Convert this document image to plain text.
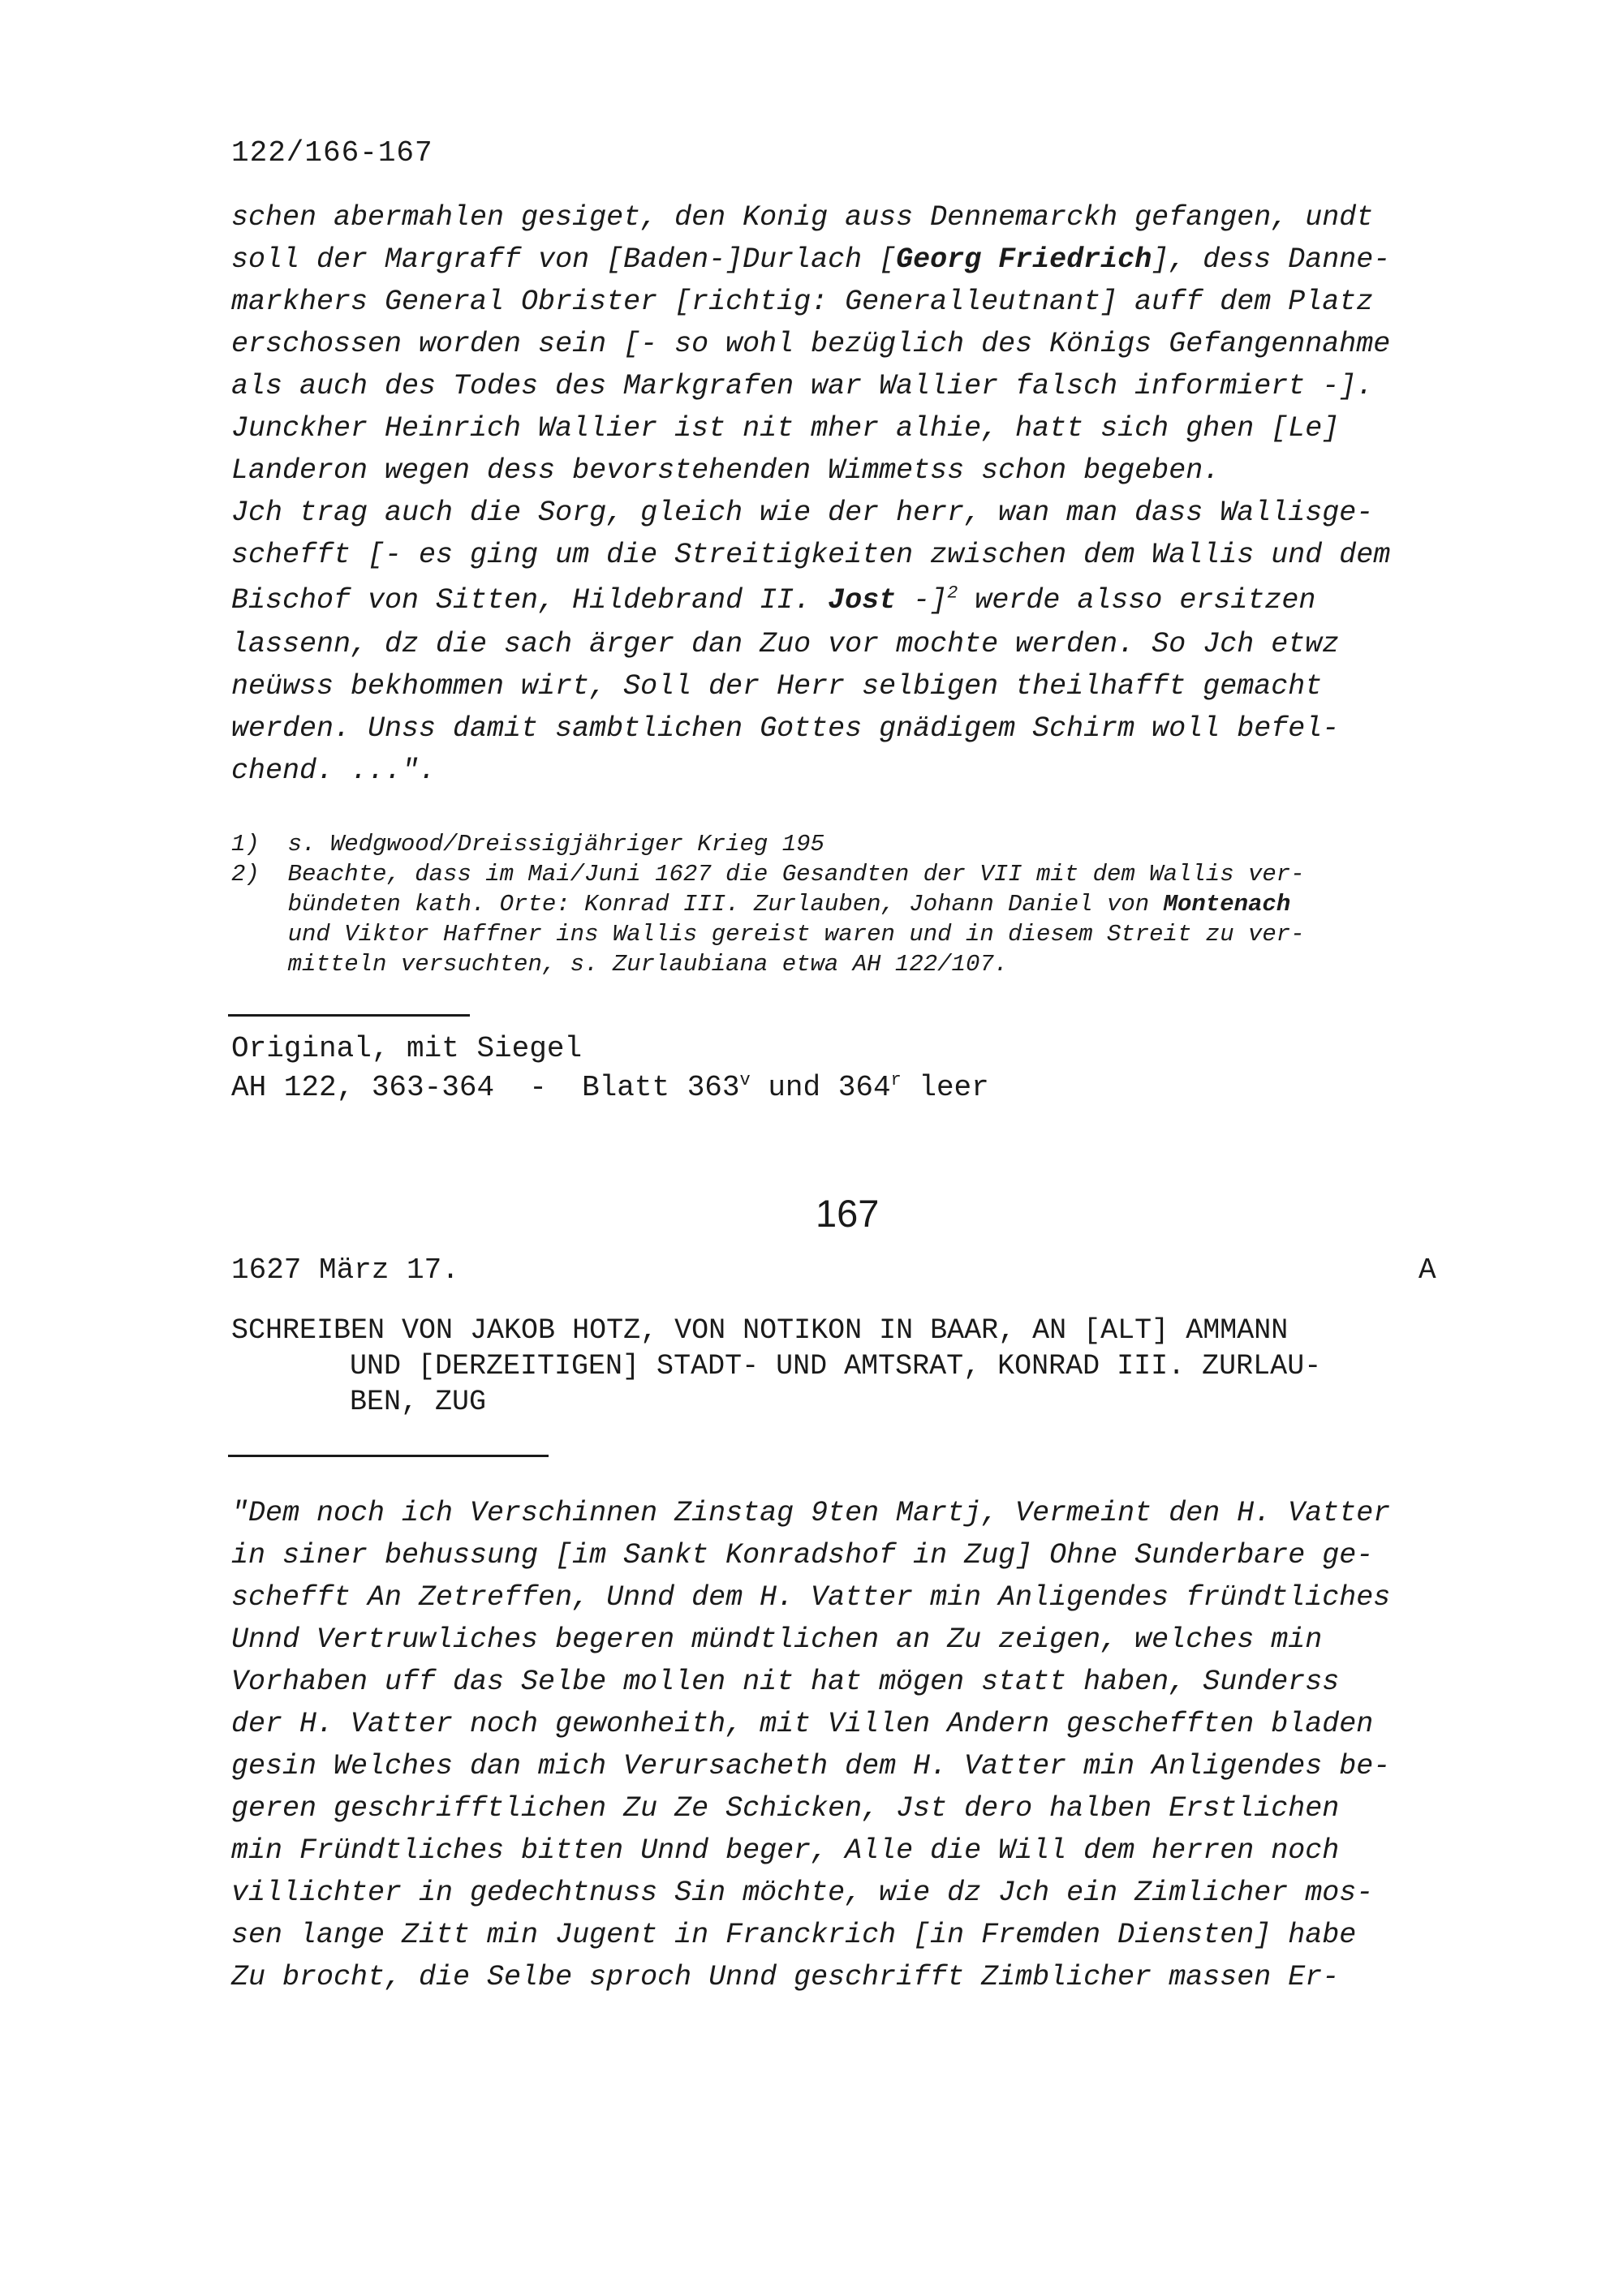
122/166-167
schen abermahlen gesiget, den Konig auss Dennemarckh gefangen, undt
soll der Margraff von [Baden-]Durlach [Georg Friedrich], dess Danne-
markhers General Obrister [richtig: Generalleutnant] auff dem Platz
erschossen worden sein [- so wohl bezüglich des Königs Gefangennahme
als auch des Todes des Markgrafen war Wallier falsch informiert -].
Junckher Heinrich Wallier ist nit mher alhie, hatt sich ghen [Le]
Landeron wegen dess bevorstehenden Wimmetss schon begeben.
Jch trag auch die Sorg, gleich wie der herr, wan man dass Wallisge-
schefft [- es ging um die Streitigkeiten zwischen dem Wallis und dem
Bischof von Sitten, Hildebrand II. Jost -]$^2$ werde alsso ersitzen
lassenn, dz die sach ärger dan Zuo vor mochte werden. So Jch etwz
neüwss bekhommen wirt, Soll der Herr selbigen theilhafft gemacht
werden. Unss damit sambtlichen Gottes gnädigem Schirm woll befel-
chend. ...".
1)  s. Wedgwood/Dreissigjähriger Krieg 195
2)  Beachte, dass im Mai/Juni 1627 die Gesandten der VII mit dem Wallis ver-
bündeten kath. Orte: Konrad III. Zurlauben, Johann Daniel von Montenach
und Viktor Haffner ins Wallis gereist waren und in diesem Streit zu ver-
mitteln versuchten, s. Zurlaubiana etwa AH 122/107.
Original, mit Siegel
AH 122, 363-364  -  Blatt 363$^v$ und 364$^r$ leer
167
1627 März 17.	A
SCHREIBEN VON JAKOB HOTZ, VON NOTIKON IN BAAR, AN [ALT] AMMANN
UND [DERZEITIGEN] STADT- UND AMTSRAT, KONRAD III. ZURLAU-
BEN, ZUG
"Dem noch ich Verschinnen Zinstag 9ten Martj, Vermeint den H. Vatter
in siner behussung [im Sankt Konradshof in Zug] Ohne Sunderbare ge-
schefft An Zetreffen, Unnd dem H. Vatter min Anligendes fründtliches
Unnd Vertruwliches begeren mündtlichen an Zu zeigen, welches min
Vorhaben uff das Selbe mollen nit hat mögen statt haben, Sunderss
der H. Vatter noch gewonheith, mit Villen Andern geschefften bladen
gesin Welches dan mich Verursacheth dem H. Vatter min Anligendes be-
geren geschrifftlichen Zu Ze Schicken, Jst dero halben Erstlichen
min Fründtliches bitten Unnd beger, Alle die Will dem herren noch
villichter in gedechtnuss Sin möchte, wie dz Jch ein Zimlicher mos-
sen lange Zitt min Jugent in Franckrich [in Fremden Diensten] habe
Zu brocht, die Selbe sproch Unnd geschrifft Zimblicher massen Er-
